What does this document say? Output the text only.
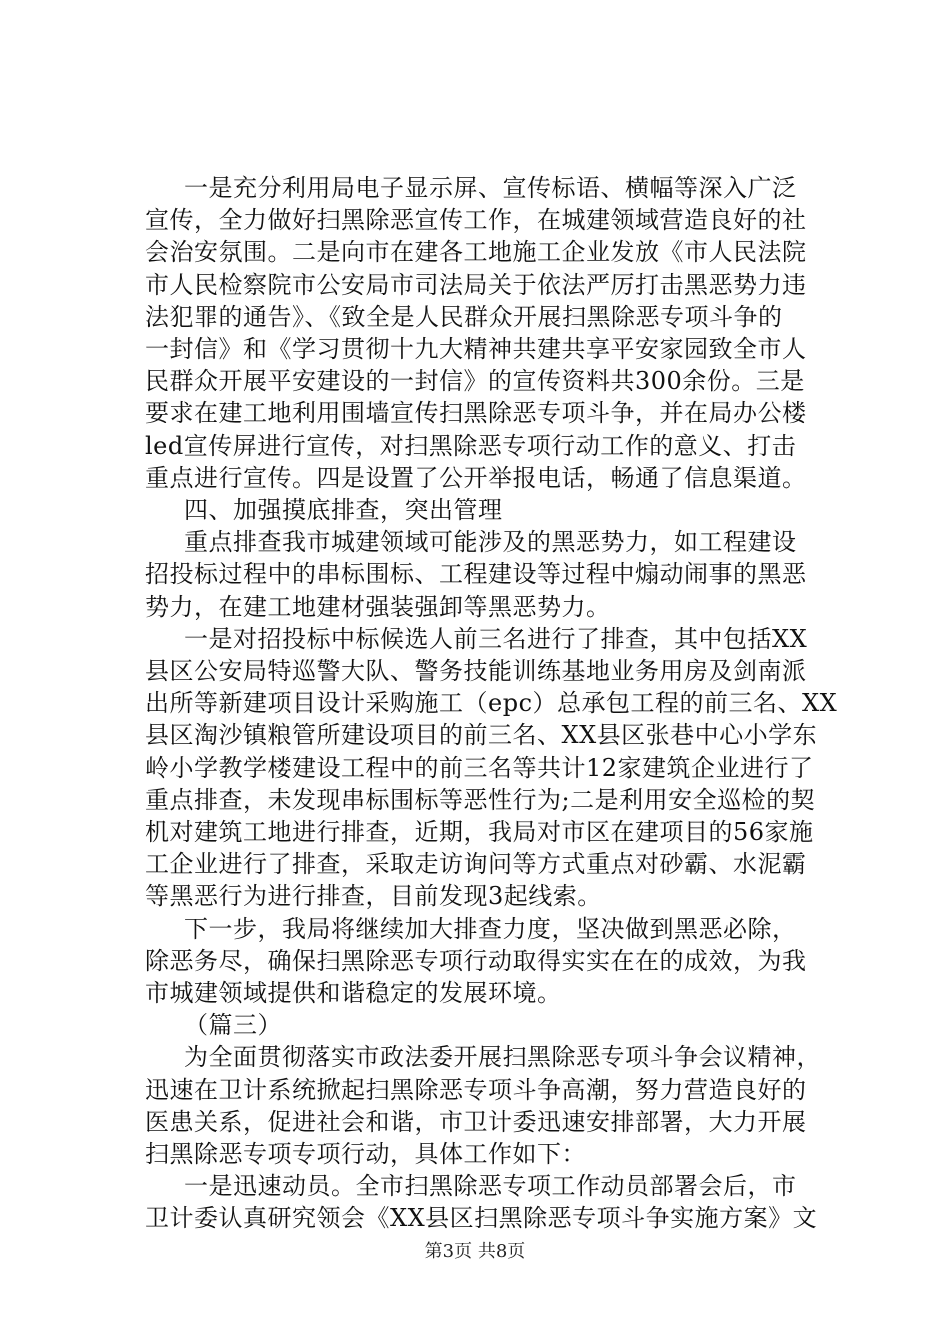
一是充分利用局电子显示屏、宣传标语、横幅等深入广泛
宣传，全力做好扫黑除恶宣传工作，在城建领域营造良好的社
会治安氛围。二是向市在建各工地施工企业发放《市人民法院
市人民检察院市公安局市司法局关于依法严厉打击黑恶势力违
法犯罪的通告》、《致全是人民群众开展扫黑除恶专项斗争的
一封信》和《学习贯彻十九大精神共建共享平安家园致全市人
民群众开展平安建设的一封信》的宣传资料共300余份。三是
要求在建工地利用围墙宣传扫黑除恶专项斗争，并在局办公楼
led宣传屏进行宣传，对扫黑除恶专项行动工作的意义、打击
重点进行宣传。四是设置了公开举报电话，畅通了信息渠道。
四、加强摸底排查，突出管理
重点排查我市城建领域可能涉及的黑恶势力，如工程建设
招投标过程中的串标围标、工程建设等过程中煽动闹事的黑恶
势力，在建工地建材强装强卸等黑恶势力。
一是对招投标中标候选人前三名进行了排查，其中包括XX
县区公安局特巡警大队、警务技能训练基地业务用房及剑南派
出所等新建项目设计采购施工（epc）总承包工程的前三名、XX
县区淘沙镇粮管所建设项目的前三名、XX县区张巷中心小学东
岭小学教学楼建设工程中的前三名等共计12家建筑企业进行了
重点排查，未发现串标围标等恶性行为;二是利用安全巡检的契
机对建筑工地进行排查，近期，我局对市区在建项目的56家施
工企业进行了排查，采取走访询问等方式重点对砂霸、水泥霸
等黑恶行为进行排查，目前发现3起线索。
下一步，我局将继续加大排查力度，坚决做到黑恶必除，
除恶务尽，确保扫黑除恶专项行动取得实实在在的成效，为我
市城建领域提供和谐稳定的发展环境。
（篇三）
为全面贯彻落实市政法委开展扫黑除恶专项斗争会议精神，
迅速在卫计系统掀起扫黑除恶专项斗争高潮，努力营造良好的
医患关系，促进社会和谐，市卫计委迅速安排部署，大力开展
扫黑除恶专项专项行动，具体工作如下：
一是迅速动员。全市扫黑除恶专项工作动员部署会后，市
卫计委认真研究领会《XX县区扫黑除恶专项斗争实施方案》文
第3页 共8页
